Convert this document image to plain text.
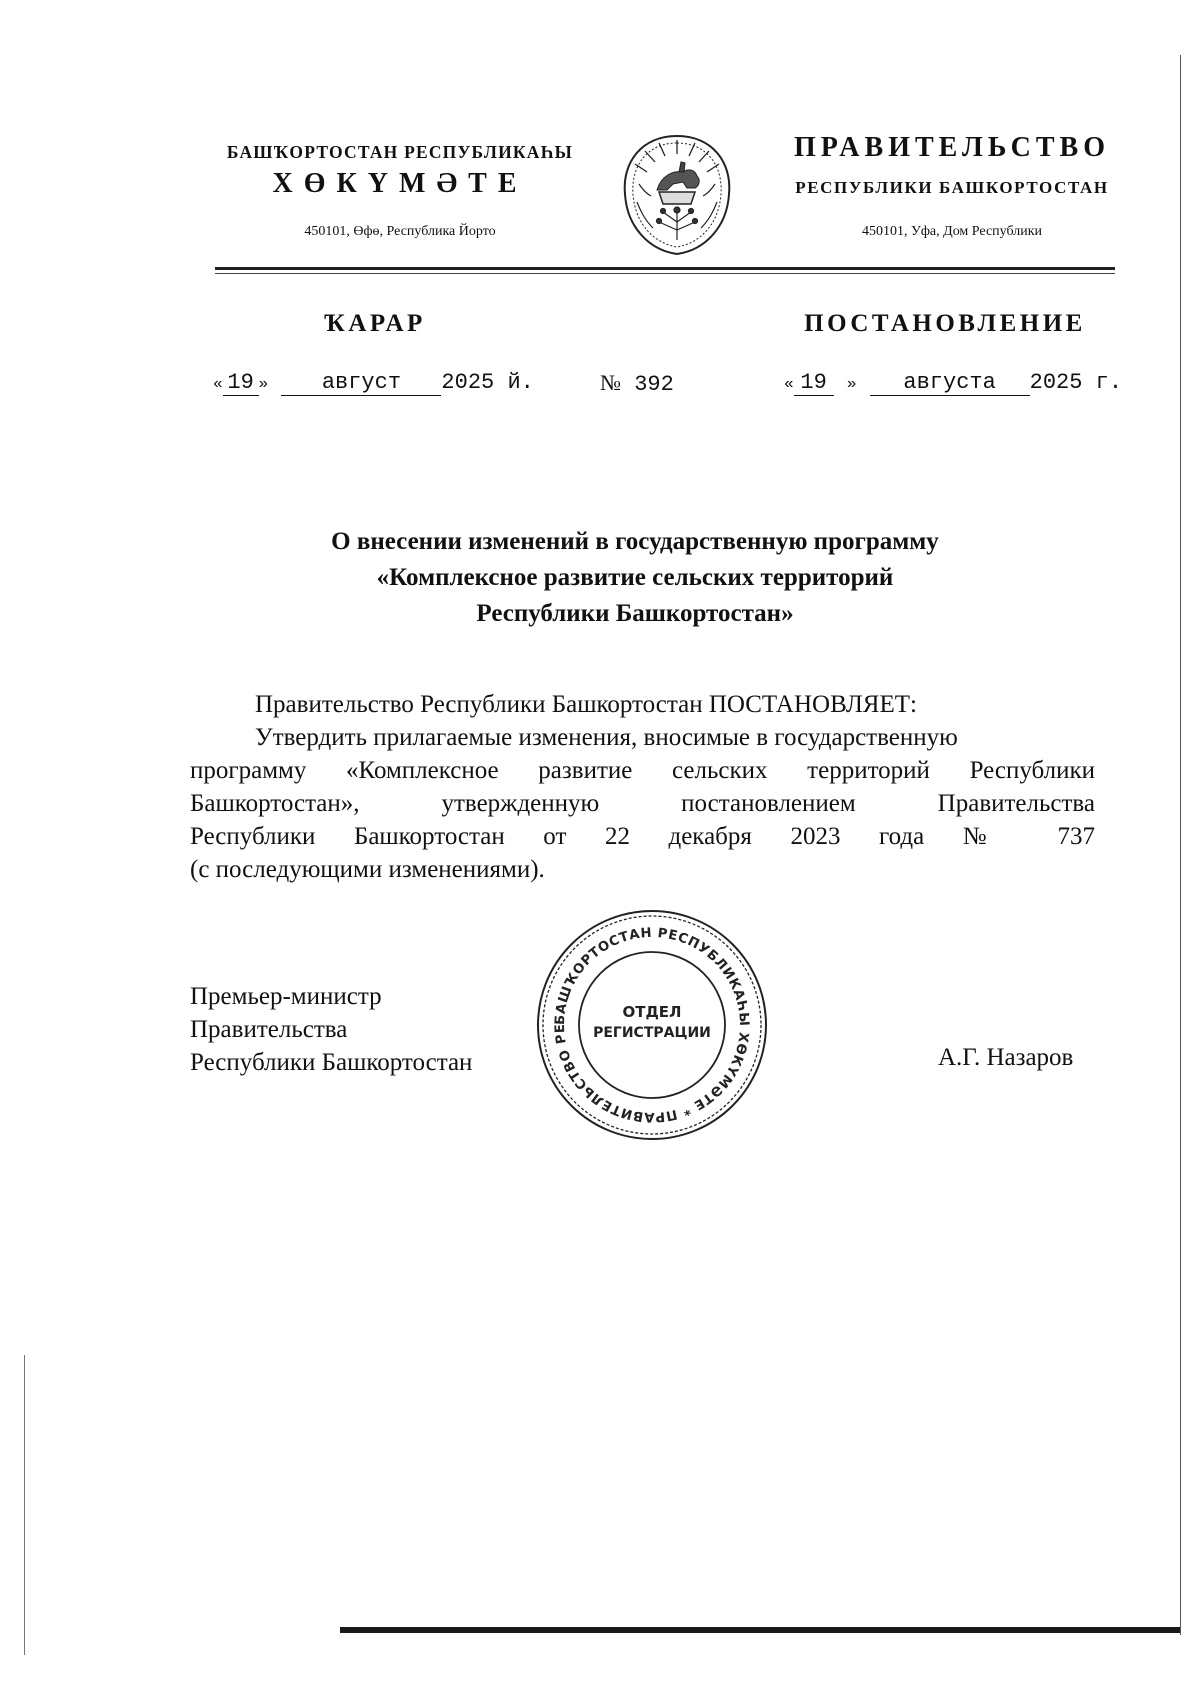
БАШҠОРТОСТАН РЕСПУБЛИКАҺЫ
ХӨКҮМӘТЕ
450101, Өфө, Республика Йорто
ПРАВИТЕЛЬСТВО
РЕСПУБЛИКИ БАШКОРТОСТАН
450101, Уфа, Дом Республики
ҠАРАР	ПОСТАНОВЛЕНИЕ
« 19 » август 2025 й.	№ 392	« 19 » августа 2025 г.
О внесении изменений в государственную программу
«Комплексное развитие сельских территорий
Республики Башкортостан»
Правительство Республики Башкортостан ПОСТАНОВЛЯЕТ:
Утвердить прилагаемые изменения, вносимые в государственную
программу «Комплексное развитие сельских территорий Республики
Башкортостан», утвержденную постановлением Правительства
Республики Башкортостан от 22 декабря 2023 года № 737
(с последующими изменениями).
Премьер-министр
Правительства
Республики Башкортостан	А.Г. Назаров
БАШҠОРТОСТАН РЕСПУБЛИКАҺЫ ХӨКҮМӘТЕ * ПРАВИТЕЛЬСТВО РЕ
ОТДЕЛ
РЕГИСТРАЦИИ
